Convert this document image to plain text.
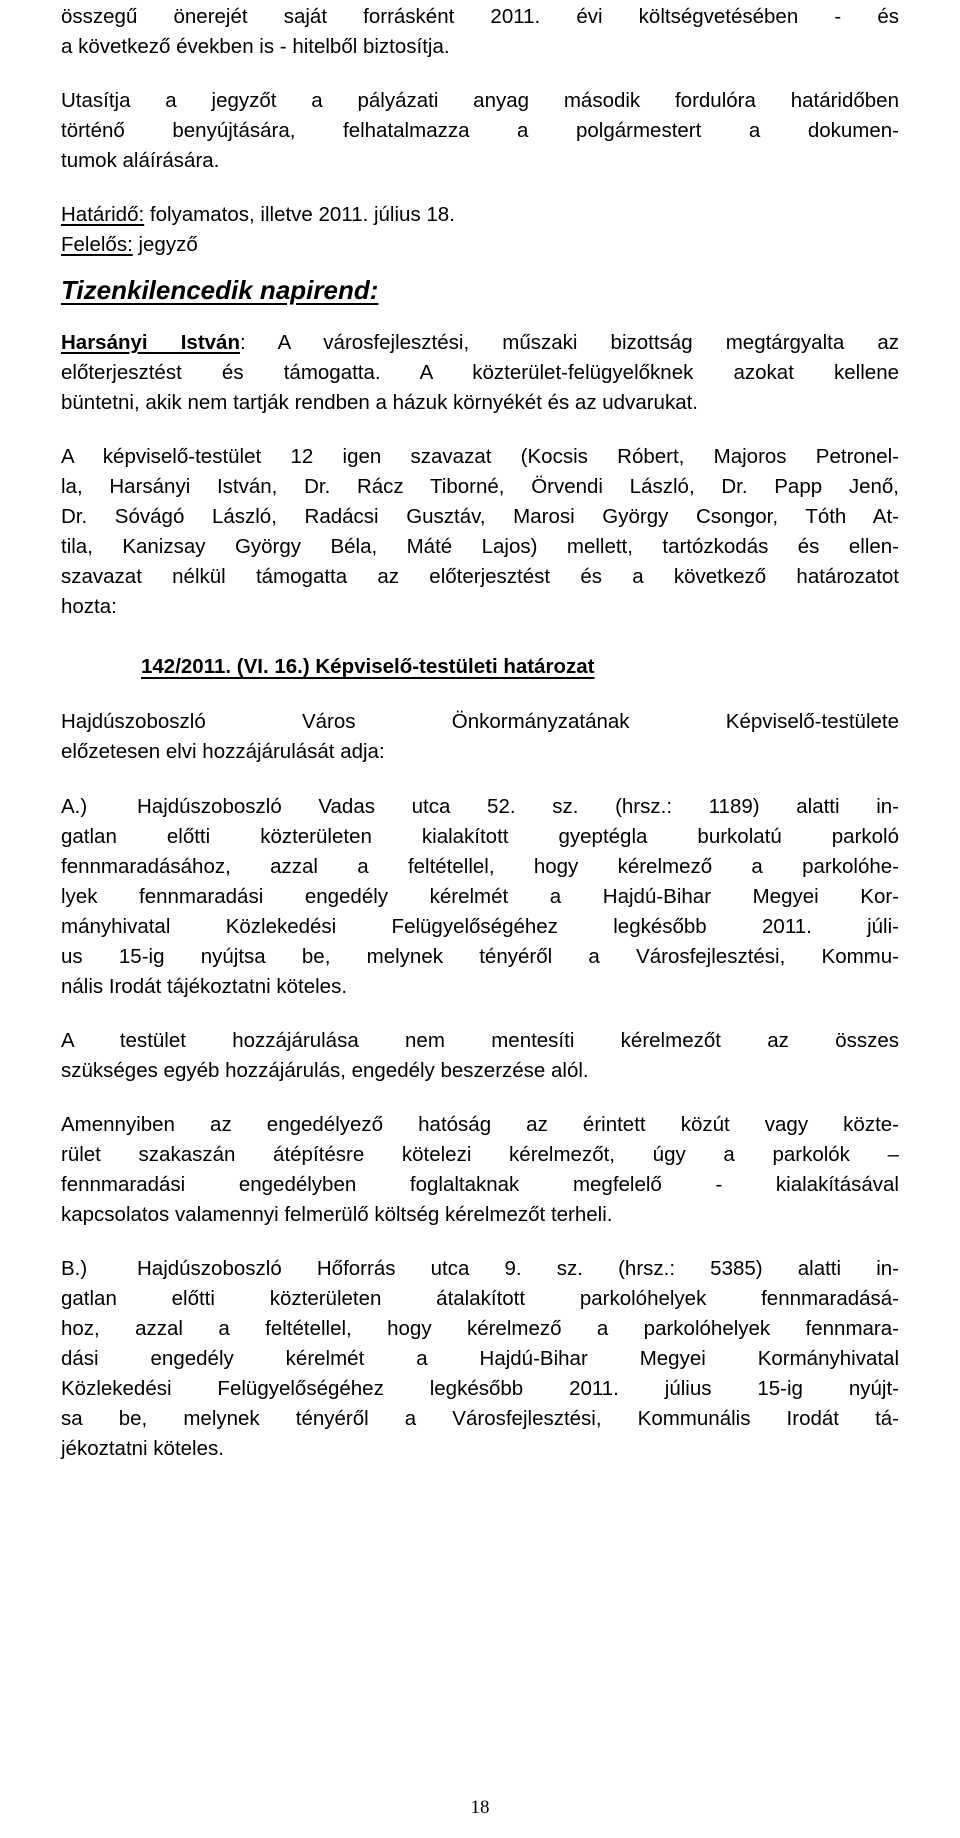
összegű önerejét saját forrásként 2011. évi költségvetésében - és
a következő években is - hitelből biztosítja.
Utasítja a jegyzőt a pályázati anyag második fordulóra határidőben
történő benyújtására, felhatalmazza a polgármestert a dokumen-
tumok aláírására.
Határidő: folyamatos, illetve 2011. július 18.
Felelős: jegyző
Tizenkilencedik napirend:
Harsányi István: A városfejlesztési, műszaki bizottság megtárgyalta az
előterjesztést és támogatta. A közterület-felügyelőknek azokat kellene
büntetni, akik nem tartják rendben a házuk környékét és az udvarukat.
A képviselő-testület 12 igen szavazat (Kocsis Róbert, Majoros Petronel-
la, Harsányi István, Dr. Rácz Tiborné, Örvendi László, Dr. Papp Jenő,
Dr. Sóvágó László, Radácsi Gusztáv, Marosi György Csongor, Tóth At-
tila, Kanizsay György Béla, Máté Lajos) mellett, tartózkodás és ellen-
szavazat nélkül támogatta az előterjesztést és a következő határozatot
hozta:
142/2011. (VI. 16.) Képviselő-testületi határozat
Hajdúszoboszló Város Önkormányzatának Képviselő-testülete
előzetesen elvi hozzájárulását adja:
A.) Hajdúszoboszló Vadas utca 52. sz. (hrsz.: 1189) alatti in-
gatlan előtti közterületen kialakított gyeptégla burkolatú parkoló
fennmaradásához, azzal a feltétellel, hogy kérelmező a parkolóhe-
lyek fennmaradási engedély kérelmét a Hajdú-Bihar Megyei Kor-
mányhivatal Közlekedési Felügyelőségéhez legkésőbb 2011. júli-
us 15-ig nyújtsa be, melynek tényéről a Városfejlesztési, Kommu-
nális Irodát tájékoztatni köteles.
A testület hozzájárulása nem mentesíti kérelmezőt az összes
szükséges egyéb hozzájárulás, engedély beszerzése alól.
Amennyiben az engedélyező hatóság az érintett közút vagy közte-
rület szakaszán átépítésre kötelezi kérelmezőt, úgy a parkolók –
fennmaradási engedélyben foglaltaknak megfelelő - kialakításával
kapcsolatos valamennyi felmerülő költség kérelmezőt terheli.
B.) Hajdúszoboszló Hőforrás utca 9. sz. (hrsz.: 5385) alatti in-
gatlan előtti közterületen átalakított parkolóhelyek fennmaradásá-
hoz, azzal a feltétellel, hogy kérelmező a parkolóhelyek fennmara-
dási engedély kérelmét a Hajdú-Bihar Megyei Kormányhivatal
Közlekedési Felügyelőségéhez legkésőbb 2011. július 15-ig nyújt-
sa be, melynek tényéről a Városfejlesztési, Kommunális Irodát tá-
jékoztatni köteles.
18
